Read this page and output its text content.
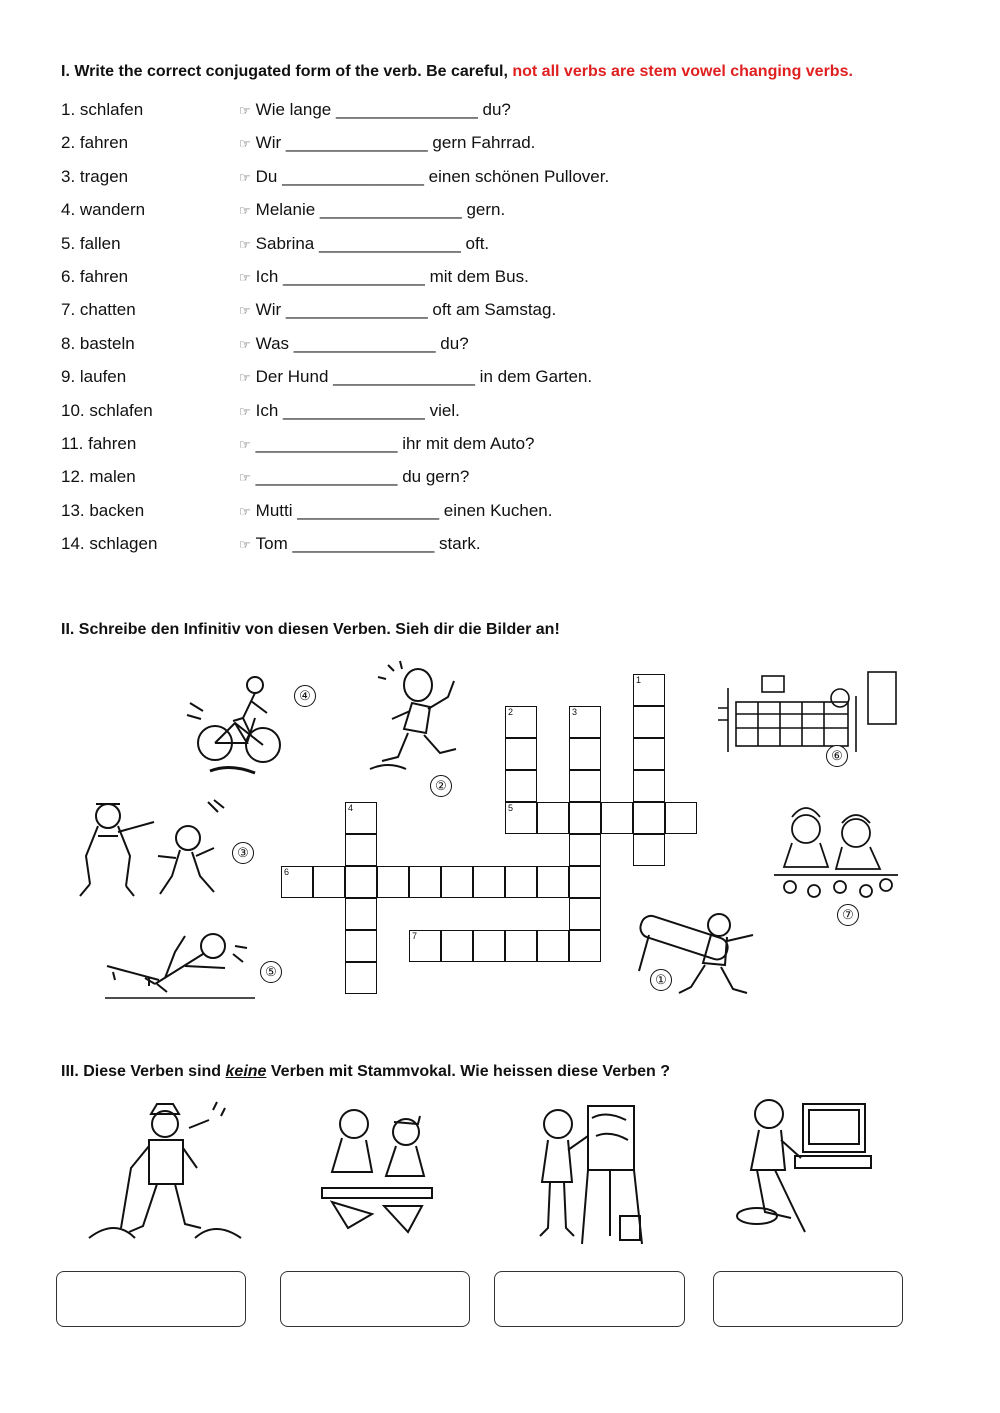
I. Write the correct conjugated form of the verb. Be careful, not all verbs are stem vowel changing verbs.
1. schlafen	☞ Wie lange _______________ du?
2. fahren	☞ Wir _______________ gern Fahrrad.
3. tragen	☞ Du _______________ einen schönen Pullover.
4. wandern	☞ Melanie _______________ gern.
5. fallen	☞ Sabrina _______________ oft.
6. fahren	☞ Ich _______________ mit dem Bus.
7. chatten	☞ Wir _______________ oft am Samstag.
8. basteln	☞ Was _______________ du?
9. laufen	☞ Der Hund _______________ in dem Garten.
10. schlafen	☞ Ich _______________ viel.
11. fahren	☞ _______________ ihr mit dem Auto?
12. malen	☞ _______________ du gern?
13. backen	☞ Mutti _______________ einen Kuchen.
14. schlagen	☞ Tom _______________ stark.
II. Schreibe den Infinitiv von diesen Verben. Sieh dir die Bilder an!
④
②
⑥
③
⑦
⑤
①
1
2
5
3
4
6
7
III. Diese Verben sind keine Verben mit Stammvokal. Wie heissen diese Verben ?
